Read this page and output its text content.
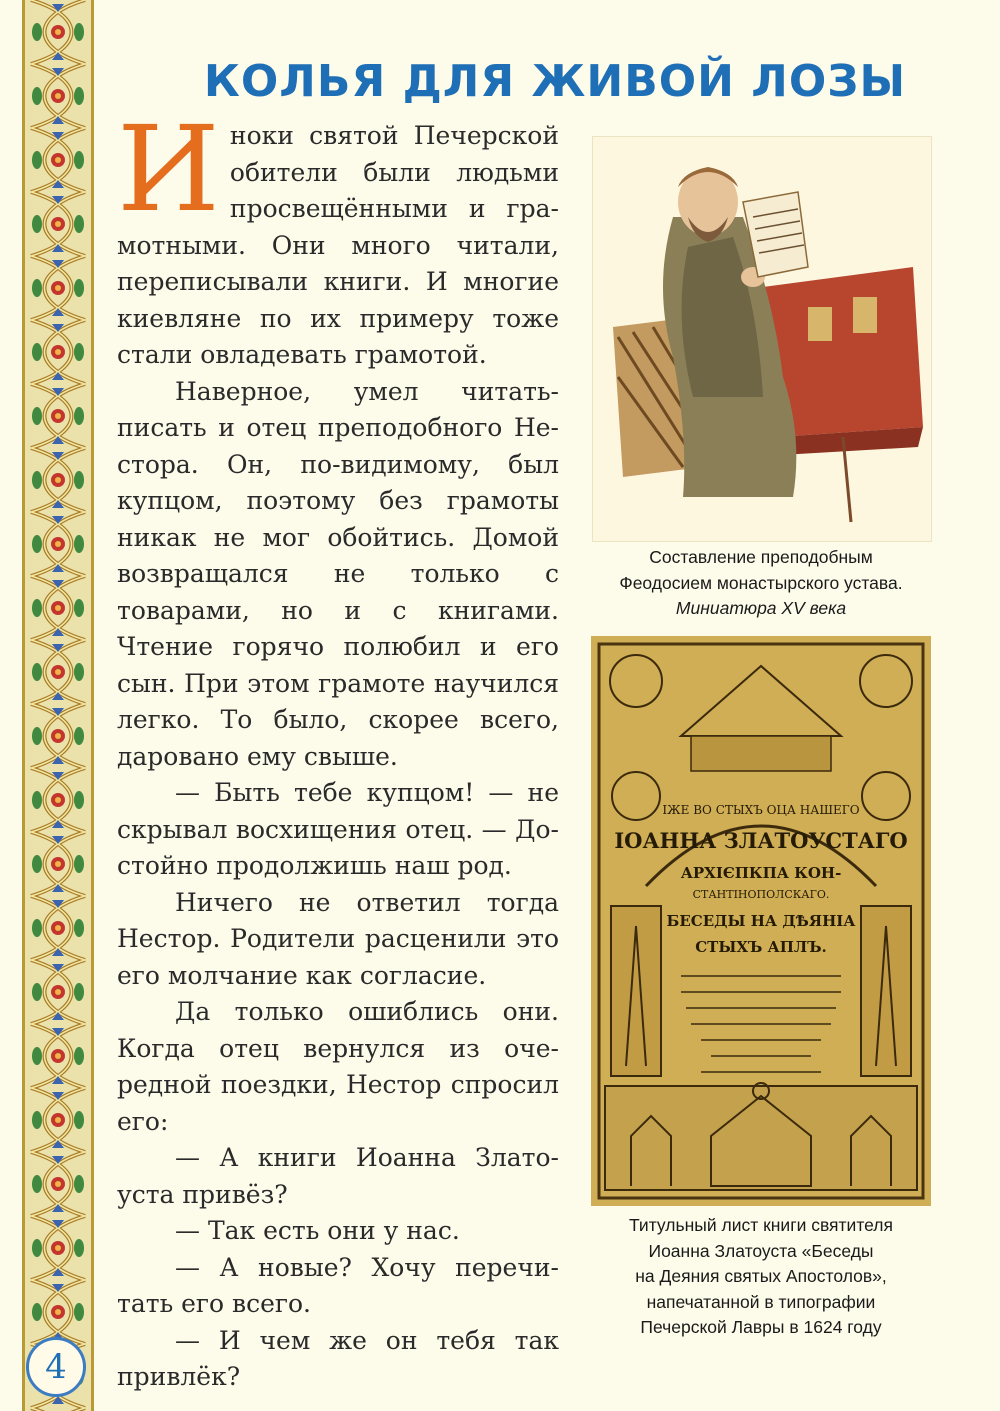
КОЛЬЯ ДЛЯ ЖИВОЙ ЛОЗЫ

Иноки святой Печерской обители были людьми просвещёнными и грамотными. Они много читали, переписывали книги. И многие киевляне по их примеру тоже стали овладевать грамотой.

Наверное, умел читать-писать и отец преподобного Нестора. Он, по-видимому, был купцом, поэтому без грамоты никак не мог обойтись. Домой возвращался не только с товарами, но и с книгами. Чтение горячо полюбил и его сын. При этом грамоте научился легко. То было, скорее всего, даровано ему свыше.

— Быть тебе купцом! — не скрывал восхищения отец. — Достойно продолжишь наш род.

Ничего не ответил тогда Нестор. Родители расценили это его молчание как согласие.

Да только ошиблись они. Когда отец вернулся из очередной поездки, Нестор спросил его:

— А книги Иоанна Златоуста привёз?

— Так есть они у нас.

— А новые? Хочу перечитать его всего.

— И чем же он тебя так привлёк?

Составление преподобным
Феодосием монастырского устава.
Миниатюра XV века
ІЖЕ ВО СТЫХЪ ОЦА НАШЕГО
ІОАННА ЗЛАТОУСТАГО
АРХІЄПКПА КОН-
СТАНТІНОПОЛСКАГО.
БЕСЕДЫ НА ДѢЯНІА
СТЫХЪ АПЛЪ.
Титульный лист книги святителя
Иоанна Златоуста «Беседы
на Деяния святых Апостолов»,
напечатанной в типографии
Печерской Лавры в 1624 году
4
